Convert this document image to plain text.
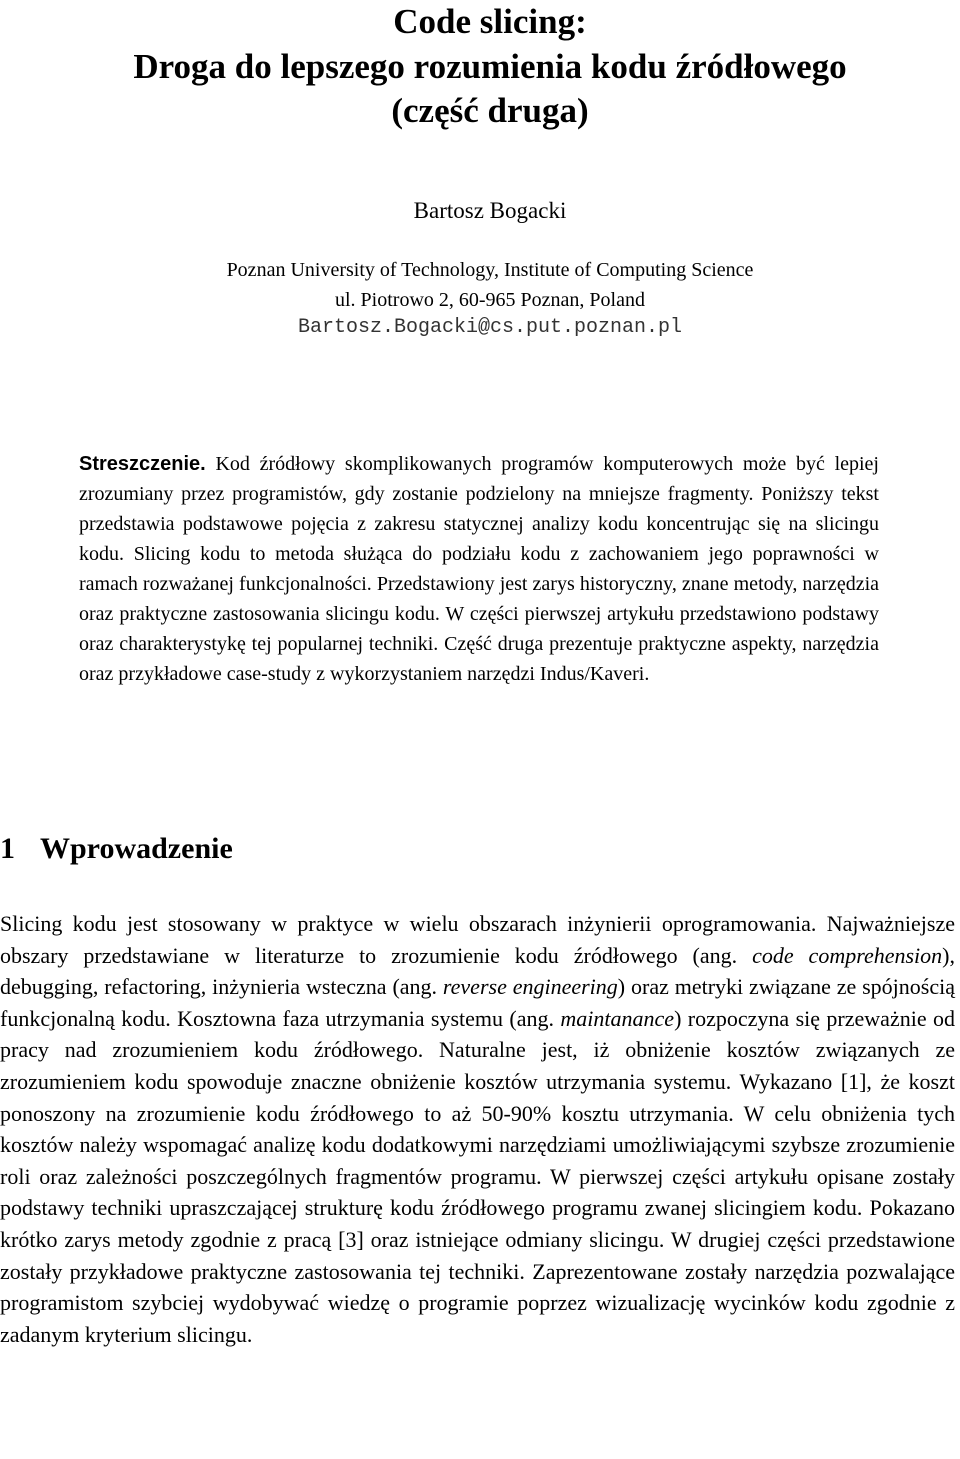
Code slicing:
Droga do lepszego rozumienia kodu źródłowego
(część druga)
Bartosz Bogacki
Poznan University of Technology, Institute of Computing Science
ul. Piotrowo 2, 60-965 Poznan, Poland
Bartosz.Bogacki@cs.put.poznan.pl

Streszczenie. Kod źródłowy skomplikowanych programów komputerowych może być lepiej zrozumiany przez programistów, gdy zostanie podzielony na mniejsze fragmenty. Poniższy tekst przedstawia podstawowe pojęcia z zakresu statycznej analizy kodu koncentrując się na slicingu kodu. Slicing kodu to metoda służąca do podziału kodu z zachowaniem jego poprawności w ramach rozważanej funkcjonalności. Przedstawiony jest zarys historyczny, znane metody, narzędzia oraz praktyczne zastosowania slicingu kodu. W części pierwszej artykułu przedstawiono podstawy oraz charakterystykę tej popularnej techniki. Część druga prezentuje praktyczne aspekty, narzędzia oraz przykładowe case-study z wykorzystaniem narzędzi Indus/Kaveri.

1 Wprowadzenie

Slicing kodu jest stosowany w praktyce w wielu obszarach inżynierii oprogramowania. Najważniejsze obszary przedstawiane w literaturze to zrozumienie kodu źródłowego (ang. code comprehension), debugging, refactoring, inżynieria wsteczna (ang. reverse engineering) oraz metryki związane ze spójnością funkcjonalną kodu. Kosztowna faza utrzymania systemu (ang. maintanance) rozpoczyna się przeważnie od pracy nad zrozumieniem kodu źródłowego. Naturalne jest, iż obniżenie kosztów związanych ze zrozumieniem kodu spowoduje znaczne obniżenie kosztów utrzymania systemu. Wykazano [1], że koszt ponoszony na zrozumienie kodu źródłowego to aż 50-90% kosztu utrzymania. W celu obniżenia tych kosztów należy wspomagać analizę kodu dodatkowymi narzędziami umożliwiającymi szybsze zrozumienie roli oraz zależności poszczególnych fragmentów programu. W pierwszej części artykułu opisane zostały podstawy techniki upraszczającej strukturę kodu źródłowego programu zwanej slicingiem kodu. Pokazano krótko zarys metody zgodnie z pracą [3] oraz istniejące odmiany slicingu. W drugiej części przedstawione zostały przykładowe praktyczne zastosowania tej techniki. Zaprezentowane zostały narzędzia pozwalające programistom szybciej wydobywać wiedzę o programie poprzez wizualizację wycinków kodu zgodnie z zadanym kryterium slicingu.
